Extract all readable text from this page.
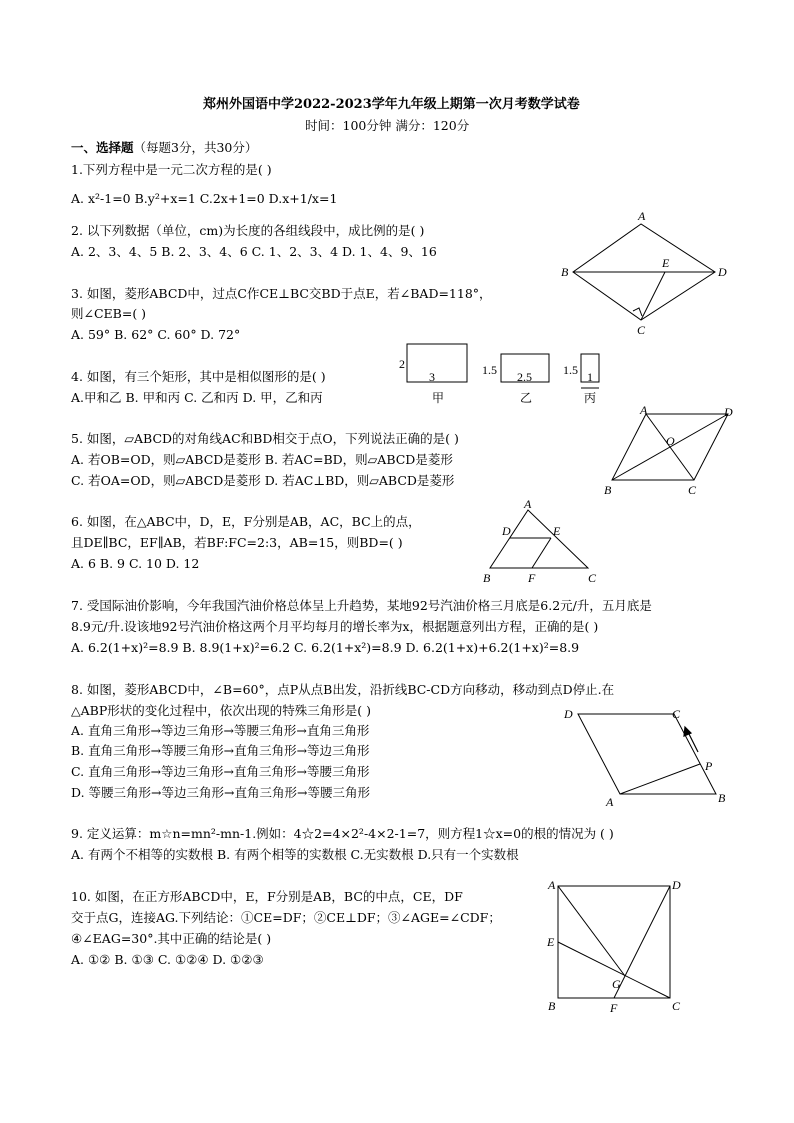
郑州外国语中学2022-2023学年九年级上期第一次月考数学试卷
时间：100分钟 满分：120分
一、选择题（每题3分，共30分）
1.下列方程中是一元二次方程的是( )
A. x²-1=0 B.y²+x=1 C.2x+1=0 D.x+1/x=1
2. 以下列数据（单位，cm)为长度的各组线段中，成比例的是( )
A. 2、3、4、5 B. 2、3、4、6 C. 1、2、3、4 D. 1、4、9、16
3. 如图，菱形ABCD中，过点C作CE⊥BC交BD于点E，若∠BAD=118°，
则∠CEB=( )
A. 59° B. 62° C. 60° D. 72°
4. 如图，有三个矩形，其中是相似图形的是( )
A.甲和乙 B. 甲和丙 C. 乙和丙 D. 甲，乙和丙
5. 如图，▱ABCD的对角线AC和BD相交于点O，下列说法正确的是( )
A. 若OB=OD，则▱ABCD是菱形 B. 若AC=BD，则▱ABCD是菱形
C. 若OA=OD，则▱ABCD是菱形 D. 若AC⊥BD，则▱ABCD是菱形
6. 如图，在△ABC中，D，E，F分别是AB，AC，BC上的点，
且DE∥BC，EF∥AB，若BF:FC=2:3，AB=15，则BD=( )
A. 6 B. 9 C. 10 D. 12
7. 受国际油价影响，今年我国汽油价格总体呈上升趋势，某地92号汽油价格三月底是6.2元/升，五月底是
8.9元/升.设该地92号汽油价格这两个月平均每月的增长率为x，根据题意列出方程，正确的是( )
A. 6.2(1+x)²=8.9 B. 8.9(1+x)²=6.2 C. 6.2(1+x²)=8.9 D. 6.2(1+x)+6.2(1+x)²=8.9
8. 如图，菱形ABCD中，∠B=60°，点P从点B出发，沿折线BC-CD方向移动，移动到点D停止.在
△ABP形状的变化过程中，依次出现的特殊三角形是( )
A. 直角三角形→等边三角形→等腰三角形→直角三角形
B. 直角三角形→等腰三角形→直角三角形→等边三角形
C. 直角三角形→等边三角形→直角三角形→等腰三角形
D. 等腰三角形→等边三角形→直角三角形→等腰三角形
9. 定义运算：m☆n=mn²-mn-1.例如：4☆2=4×2²-4×2-1=7，则方程1☆x=0的根的情况为 ( )
A. 有两个不相等的实数根 B. 有两个相等的实数根 C.无实数根 D.只有一个实数根
10. 如图，在正方形ABCD中，E，F分别是AB，BC的中点，CE，DF
交于点G，连接AG.下列结论：①CE=DF；②CE⊥DF；③∠AGE=∠CDF；
④∠EAG=30°.其中正确的结论是( )
A. ①② B. ①③ C. ①②④ D. ①②③
A
B
C
D
E
2
3
甲
1.5 2.5
乙
1.5 1
丙
A	D
B	C
O
A
D	E
B	F	C
D	C
P
A	B
A	D
E
G
B	F	C
